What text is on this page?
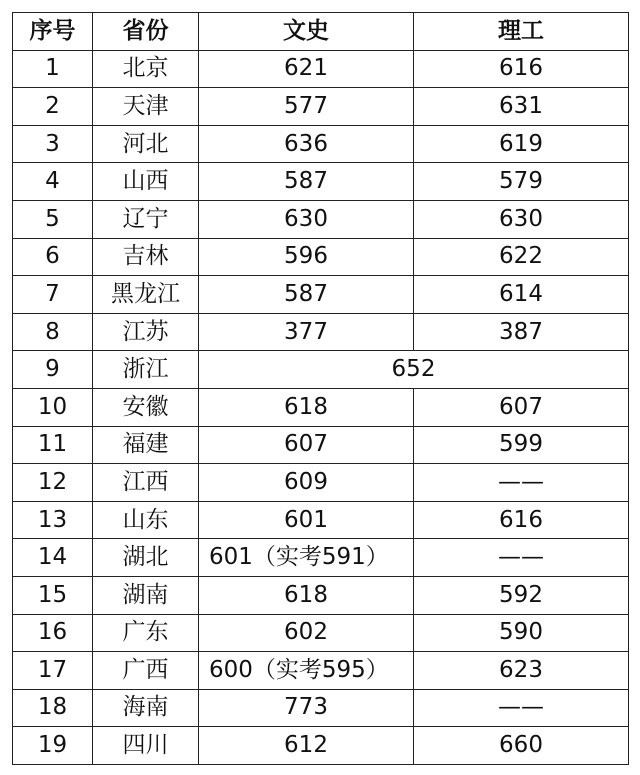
序号	省份	文史	理工
1	北京	621	616
2	天津	577	631
3	河北	636	619
4	山西	587	579
5	辽宁	630	630
6	吉林	596	622
7	黑龙江	587	614
8	江苏	377	387
9	浙江	652	
10	安徽	618	607
11	福建	607	599
12	江西	609	——
13	山东	601	616
14	湖北	601（实考591）	——
15	湖南	618	592
16	广东	602	590
17	广西	600（实考595）	623
18	海南	773	——
19	四川	612	660
